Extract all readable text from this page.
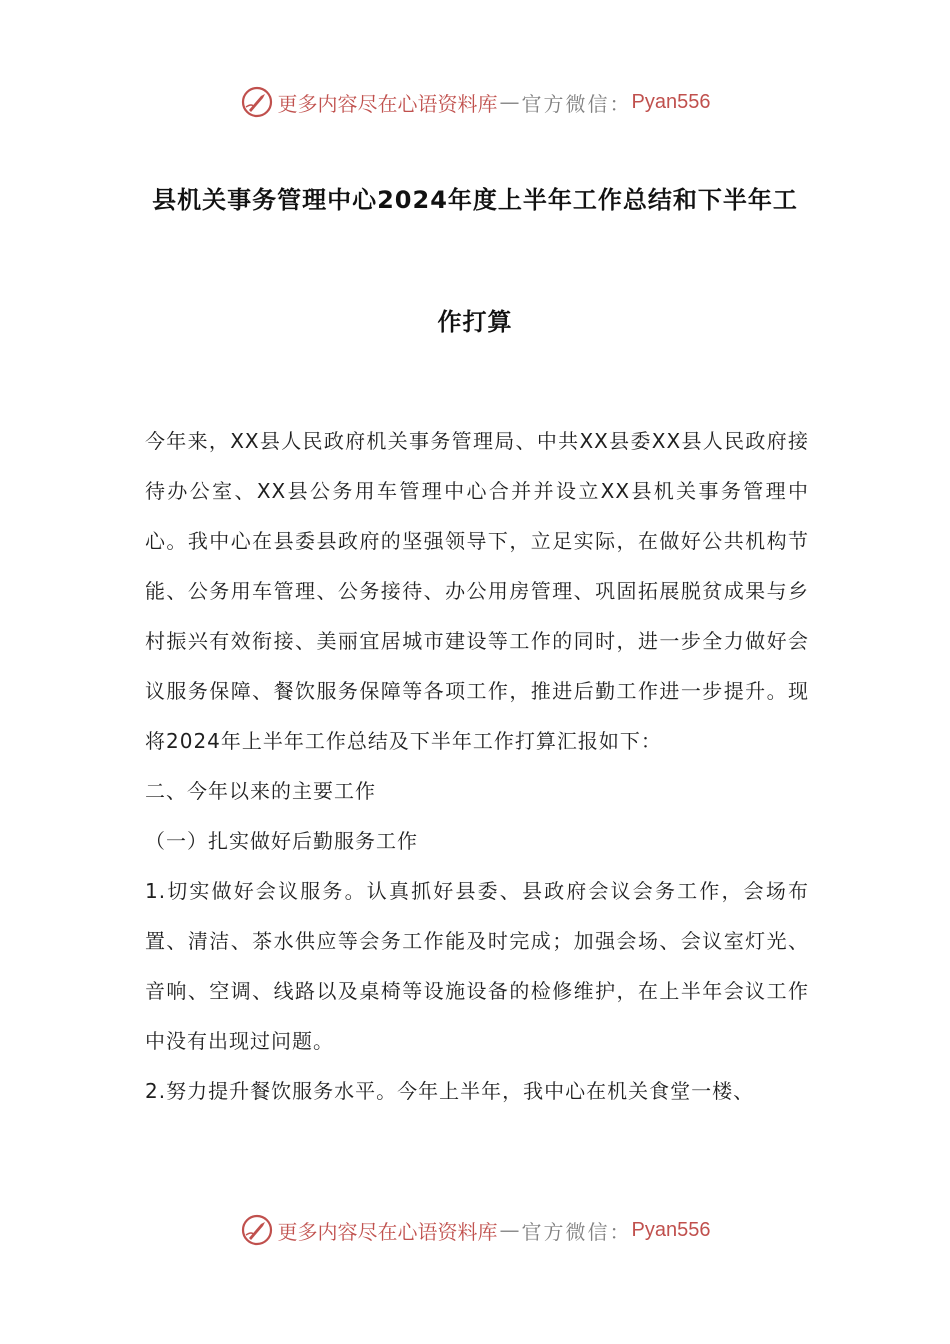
更多内容尽在心语资料库 — 官方微信： Pyan556
县机关事务管理中心2024年度上半年工作总结和下半年工
作打算

今年来，XX县人民政府机关事务管理局、中共XX县委XX县人民政府接待办公室、XX县公务用车管理中心合并并设立XX县机关事务管理中心。我中心在县委县政府的坚强领导下，立足实际，在做好公共机构节能、公务用车管理、公务接待、办公用房管理、巩固拓展脱贫成果与乡村振兴有效衔接、美丽宜居城市建设等工作的同时，进一步全力做好会议服务保障、餐饮服务保障等各项工作，推进后勤工作进一步提升。现将2024年上半年工作总结及下半年工作打算汇报如下：

二、今年以来的主要工作

（一）扎实做好后勤服务工作

1.切实做好会议服务。认真抓好县委、县政府会议会务工作，会场布置、清洁、茶水供应等会务工作能及时完成；加强会场、会议室灯光、音响、空调、线路以及桌椅等设施设备的检修维护，在上半年会议工作中没有出现过问题。

2.努力提升餐饮服务水平。今年上半年，我中心在机关食堂一楼、

更多内容尽在心语资料库 — 官方微信： Pyan556
